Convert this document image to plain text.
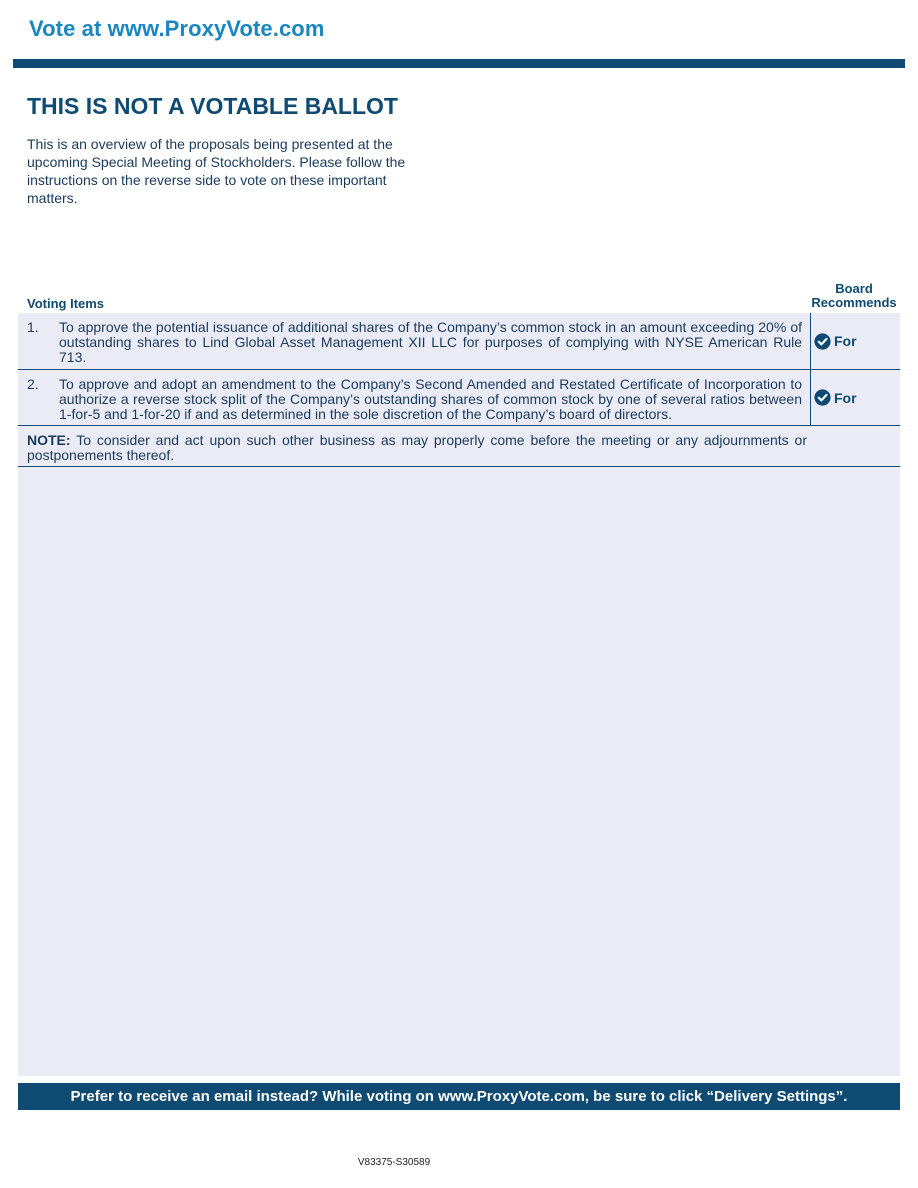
Vote at www.ProxyVote.com
THIS IS NOT A VOTABLE BALLOT

This is an overview of the proposals being presented at the upcoming Special Meeting of Stockholders. Please follow the instructions on the reverse side to vote on these important matters.

Voting Items
Board
Recommends
1. To approve the potential issuance of additional shares of the Company’s common stock in an amount exceeding 20% of outstanding shares to Lind Global Asset Management XII LLC for purposes of complying with NYSE American Rule 713.
For
2. To approve and adopt an amendment to the Company’s Second Amended and Restated Certificate of Incorporation to authorize a reverse stock split of the Company’s outstanding shares of common stock by one of several ratios between 1-for-5 and 1-for-20 if and as determined in the sole discretion of the Company’s board of directors.
For
NOTE: To consider and act upon such other business as may properly come before the meeting or any adjournments or postponements thereof.
Prefer to receive an email instead? While voting on www.ProxyVote.com, be sure to click “Delivery Settings”.
V83375-S30589
